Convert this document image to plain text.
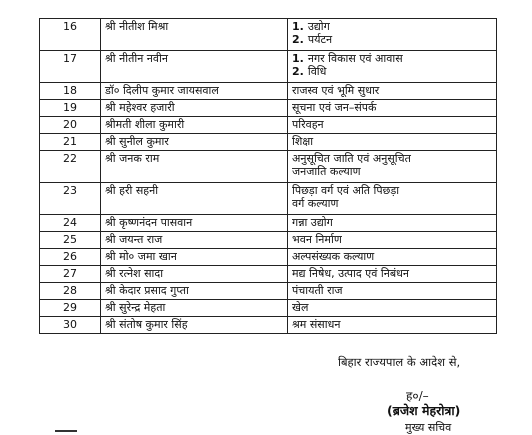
16	श्री नीतीश मिश्रा	1. उद्योग
2. पर्यटन

17	श्री नीतीन नवीन	1. नगर विकास एवं आवास
2. विधि

18	डॉ० दिलीप कुमार जायसवाल	राजस्व एवं भूमि सुधार

19	श्री महेश्वर हजारी	सूचना एवं जन–संपर्क

20	श्रीमती शीला कुमारी	परिवहन

21	श्री सुनील कुमार	शिक्षा

22	श्री जनक राम	अनुसूचित जाति एवं अनुसूचित
जनजाति कल्याण

23	श्री हरी सहनी	पिछड़ा वर्ग एवं अति पिछड़ा
वर्ग कल्याण

24	श्री कृष्णनंदन पासवान	गन्ना उद्योग

25	श्री जयन्त राज	भवन निर्माण

26	श्री मो० जमा खान	अल्पसंख्यक कल्याण

27	श्री रत्नेश सादा	मद्य निषेध, उत्पाद एवं निबंधन

28	श्री केदार प्रसाद गुप्ता	पंचायती राज

29	श्री सुरेन्द्र मेहता	खेल

30	श्री संतोष कुमार सिंह	श्रम संसाधन
बिहार राज्यपाल के आदेश से,
ह०/–
(ब्रजेश मेहरोत्रा)
मुख्य सचिव
